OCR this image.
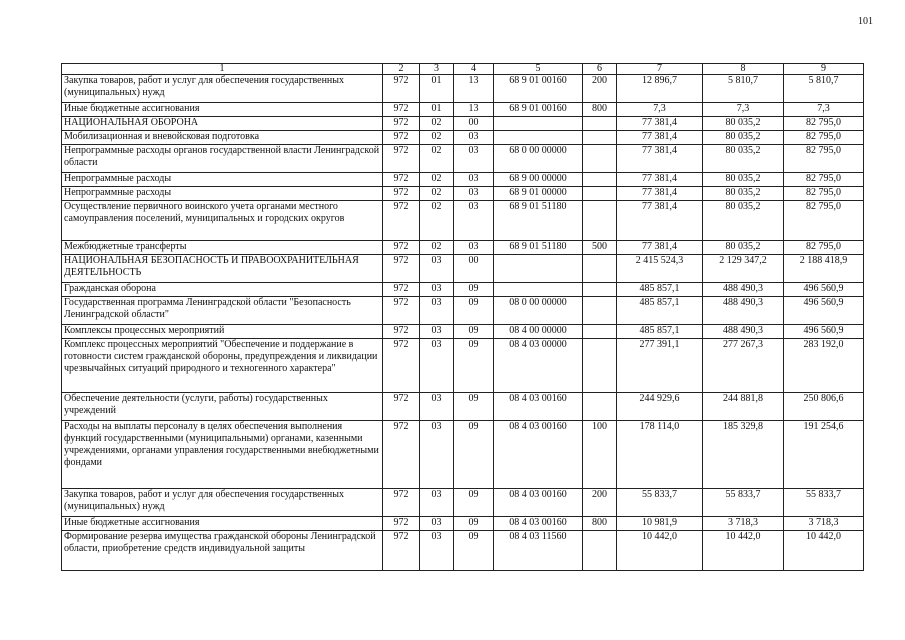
101
1	2	3	4	5	6	7	8	9
Закупка товаров, работ и услуг для обеспечения государственных (муниципальных) нужд	972	01	13	68 9 01 00160	200	12 896,7	5 810,7	5 810,7
Иные бюджетные ассигнования	972	01	13	68 9 01 00160	800	7,3	7,3	7,3
НАЦИОНАЛЬНАЯ ОБОРОНА	972	02	00			77 381,4	80 035,2	82 795,0
Мобилизационная и вневойсковая подготовка	972	02	03			77 381,4	80 035,2	82 795,0
Непрограммные расходы органов государственной власти Ленинградской области	972	02	03	68 0 00 00000		77 381,4	80 035,2	82 795,0
Непрограммные расходы	972	02	03	68 9 00 00000		77 381,4	80 035,2	82 795,0
Непрограммные расходы	972	02	03	68 9 01 00000		77 381,4	80 035,2	82 795,0
Осуществление первичного воинского учета органами местного самоуправления поселений, муниципальных и городских округов	972	02	03	68 9 01 51180		77 381,4	80 035,2	82 795,0
Межбюджетные трансферты	972	02	03	68 9 01 51180	500	77 381,4	80 035,2	82 795,0
НАЦИОНАЛЬНАЯ БЕЗОПАСНОСТЬ И ПРАВООХРАНИТЕЛЬНАЯ ДЕЯТЕЛЬНОСТЬ	972	03	00			2 415 524,3	2 129 347,2	2 188 418,9
Гражданская оборона	972	03	09			485 857,1	488 490,3	496 560,9
Государственная программа Ленинградской области "Безопасность Ленинградской области"	972	03	09	08 0 00 00000		485 857,1	488 490,3	496 560,9
Комплексы процессных мероприятий	972	03	09	08 4 00 00000		485 857,1	488 490,3	496 560,9
Комплекс процессных мероприятий "Обеспечение и поддержание в готовности систем гражданской обороны, предупреждения и ликвидации чрезвычайных ситуаций природного и техногенного характера"	972	03	09	08 4 03 00000		277 391,1	277 267,3	283 192,0
Обеспечение деятельности (услуги, работы) государственных учреждений	972	03	09	08 4 03 00160		244 929,6	244 881,8	250 806,6
Расходы на выплаты персоналу в целях обеспечения выполнения функций государственными (муниципальными) органами, казенными учреждениями, органами управления государственными внебюджетными фондами	972	03	09	08 4 03 00160	100	178 114,0	185 329,8	191 254,6
Закупка товаров, работ и услуг для обеспечения государственных (муниципальных) нужд	972	03	09	08 4 03 00160	200	55 833,7	55 833,7	55 833,7
Иные бюджетные ассигнования	972	03	09	08 4 03 00160	800	10 981,9	3 718,3	3 718,3
Формирование резерва имущества гражданской обороны Ленинградской области, приобретение средств индивидуальной защиты	972	03	09	08 4 03 11560		10 442,0	10 442,0	10 442,0
